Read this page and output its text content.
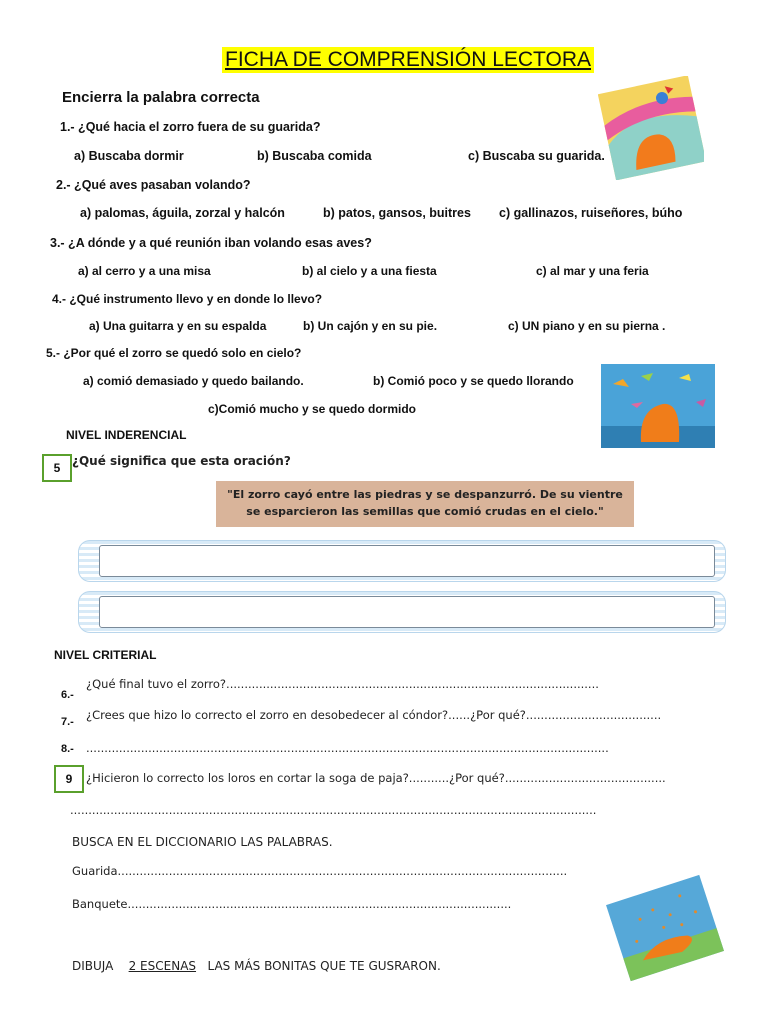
FICHA DE COMPRENSIÓN LECTORA
Encierra la palabra correcta
1.- ¿Qué hacia el zorro fuera de su guarida?
a) Buscaba dormir	b) Buscaba comida	c) Buscaba su guarida.
2.- ¿Qué aves pasaban volando?
a) palomas, águila, zorzal y halcón	b) patos, gansos, buitres c) gallinazos, ruiseñores, búho
3.- ¿A dónde y a qué reunión iban volando esas aves?
a) al cerro y a una misa	b) al cielo y a una fiesta	c) al mar y una feria
4.- ¿Qué instrumento llevo y en donde lo llevo?
a) Una guitarra y en su espalda	b) Un cajón y en su pie.	c) UN piano y en su pierna .
5.- ¿Por qué el zorro se quedó solo en cielo?
a) comió demasiado y quedo bailando.	b) Comió poco y se quedo llorando
c)Comió mucho y se quedo dormido
NIVEL INDERENCIAL
5 ¿Qué significa que esta oración?
"El zorro cayó entre las piedras y se despanzurró. De su vientre
se esparcieron las semillas que comió crudas en el cielo."
NIVEL CRITERIAL
¿Qué final tuvo el zorro?......................................................................................................
6.-
¿Crees que hizo lo correcto el zorro en desobedecer al cóndor?......¿Por qué?.....................................
7.-
8.- ...............................................................................................................................................
9	¿Hicieron lo correcto los loros en cortar la soga de paja?...........¿Por qué?............................................
................................................................................................................................................
BUSCA EN EL DICCIONARIO LAS PALABRAS.
Guarida...........................................................................................................................
Banquete.........................................................................................................
DIBUJA 2 ESCENAS LAS MÁS BONITAS QUE TE GUSRARON.
